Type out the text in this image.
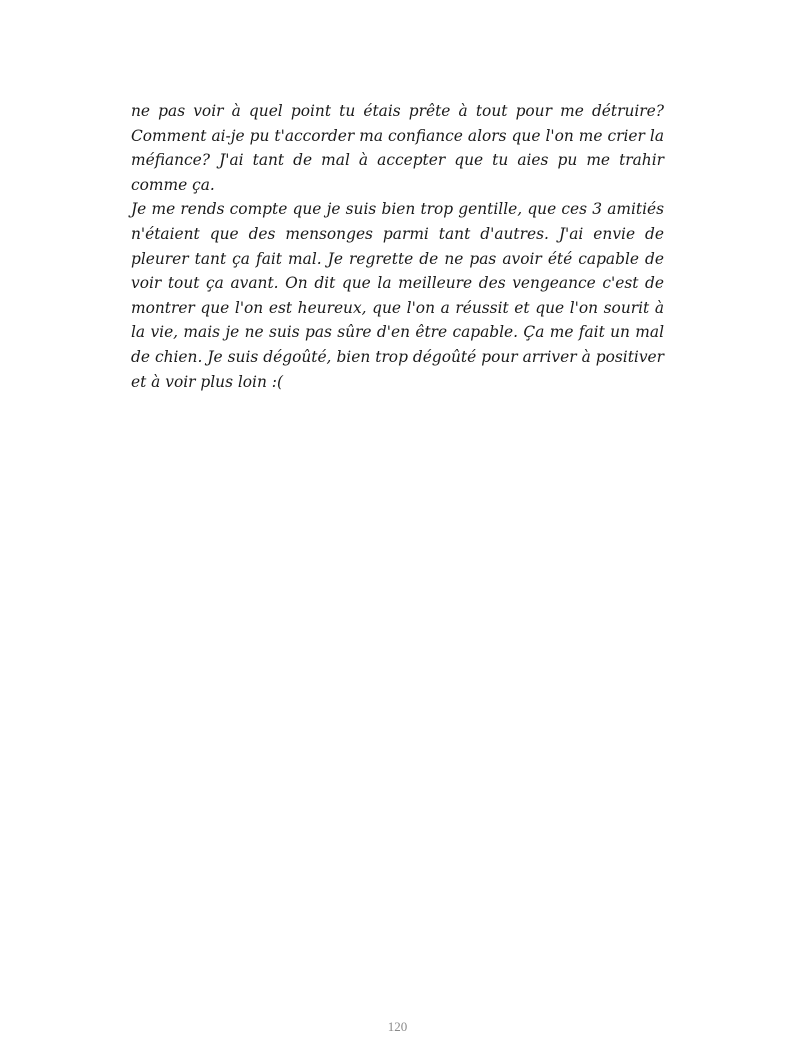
ne pas voir à quel point tu étais prête à tout pour me détruire? Comment ai-je pu t'accorder ma confiance alors que l'on me crier la méfiance? J'ai tant de mal à accepter que tu aies pu me trahir comme ça.

Je me rends compte que je suis bien trop gentille, que ces 3 amitiés n'étaient que des mensonges parmi tant d'autres. J'ai envie de pleurer tant ça fait mal. Je regrette de ne pas avoir été capable de voir tout ça avant. On dit que la meilleure des vengeance c'est de montrer que l'on est heureux, que l'on a réussit et que l'on sourit à la vie, mais je ne suis pas sûre d'en être capable. Ça me fait un mal de chien. Je suis dégoûté, bien trop dégoûté pour arriver à positiver et à voir plus loin :(

120
